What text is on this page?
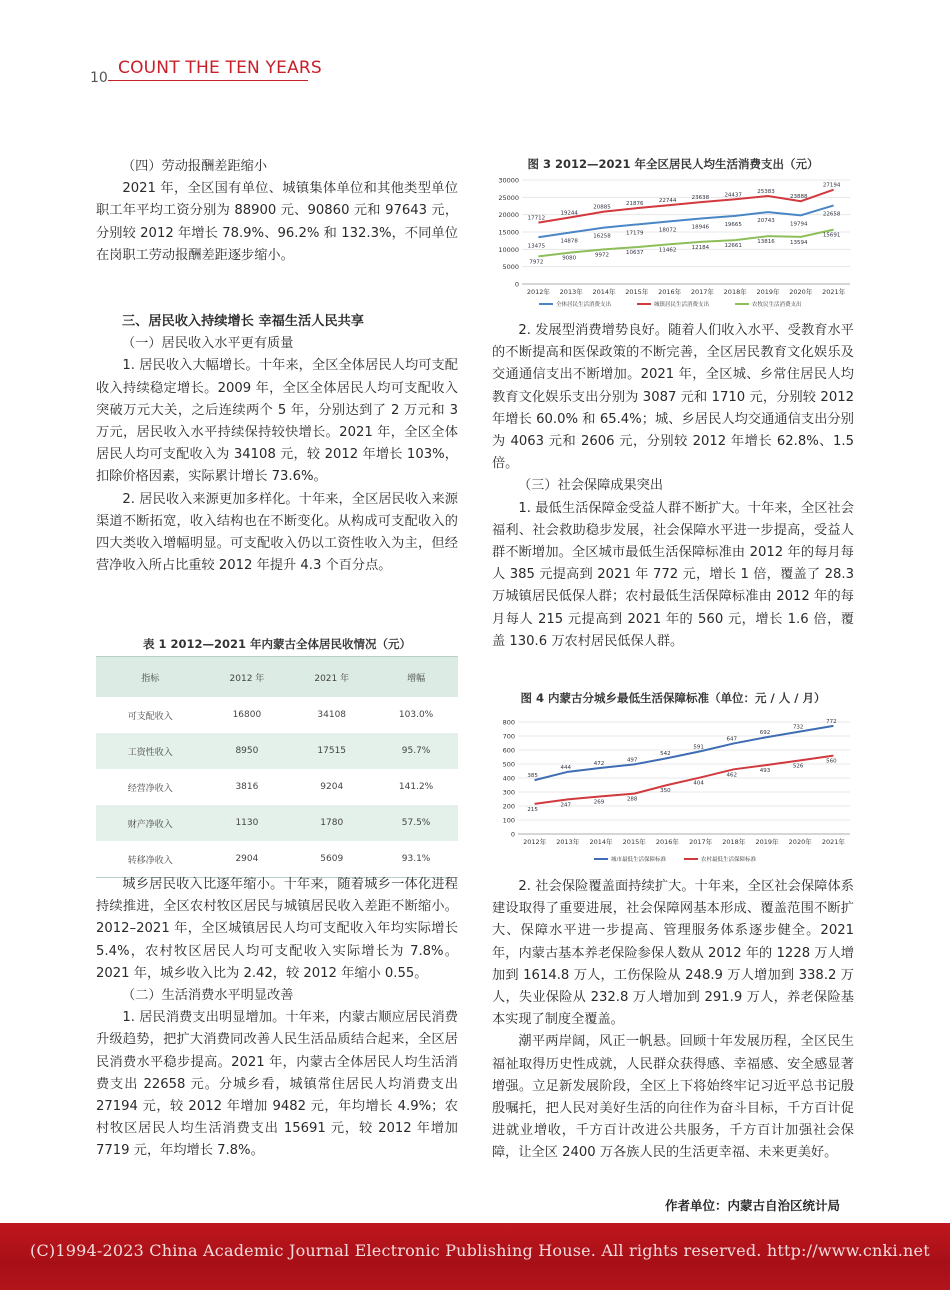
10 COUNT THE TEN YEARS

（四）劳动报酬差距缩小

2021 年，全区国有单位、城镇集体单位和其他类型单位职工年平均工资分别为 88900 元、90860 元和 97643 元，分别较 2012 年增长 78.9%、96.2% 和 132.3%，不同单位在岗职工劳动报酬差距逐步缩小。

三、居民收入持续增长 幸福生活人民共享

（一）居民收入水平更有质量

1. 居民收入大幅增长。十年来，全区全体居民人均可支配收入持续稳定增长。2009 年，全区全体居民人均可支配收入突破万元大关，之后连续两个 5 年，分别达到了 2 万元和 3 万元，居民收入水平持续保持较快增长。2021 年，全区全体居民人均可支配收入为 34108 元，较 2012 年增长 103%，扣除价格因素，实际累计增长 73.6%。

2. 居民收入来源更加多样化。十年来，全区居民收入来源渠道不断拓宽，收入结构也在不断变化。从构成可支配收入的四大类收入增幅明显。可支配收入仍以工资性收入为主，但经营净收入所占比重较 2012 年提升 4.3 个百分点。

表 1 2012—2021 年内蒙古全体居民收情况（元）
指标	2012 年	2021 年	增幅
可支配收入	16800	34108	103.0%
工资性收入	8950	17515	95.7%
经营净收入	3816	9204	141.2%
财产净收入	1130	1780	57.5%
转移净收入	2904	5609	93.1%

城乡居民收入比逐年缩小。十年来，随着城乡一体化进程持续推进，全区农村牧区居民与城镇居民收入差距不断缩小。2012–2021 年，全区城镇居民人均可支配收入年均实际增长 5.4%，农村牧区居民人均可支配收入实际增长为 7.8%。2021 年，城乡收入比为 2.42，较 2012 年缩小 0.55。

（二）生活消费水平明显改善

1. 居民消费支出明显增加。十年来，内蒙古顺应居民消费升级趋势，把扩大消费同改善人民生活品质结合起来，全区居民消费水平稳步提高。2021 年，内蒙古全体居民人均生活消费支出 22658 元。分城乡看，城镇常住居民人均消费支出 27194 元，较 2012 年增加 9482 元，年均增长 4.9%；农村牧区居民人均生活消费支出 15691 元，较 2012 年增加 7719 元，年均增长 7.8%。

图 3 2012—2021 年全区居民人均生活消费支出（元）
0
5000
10000
15000
20000
25000
30000
2012年 2013年 2014年 2015年 2016年 2017年 2018年 2019年 2020年 2021年
13475
14878
16258
17179
18072
18946	19665
20743
19794
22658
17712
19244
20885
21876
22744
23638	24437
25383
23888
27194
7972
9080
9972	10637	11462	12184	12661
13816	13594
15691
全体居民生活消费支出	城镇居民生活消费支出	农牧民生活消费支出

2. 发展型消费增势良好。随着人们收入水平、受教育水平的不断提高和医保政策的不断完善，全区居民教育文化娱乐及交通通信支出不断增加。2021 年，全区城、乡常住居民人均教育文化娱乐支出分别为 3087 元和 1710 元，分别较 2012 年增长 60.0% 和 65.4%；城、乡居民人均交通通信支出分别为 4063 元和 2606 元，分别较 2012 年增长 62.8%、1.5 倍。

（三）社会保障成果突出

1. 最低生活保障金受益人群不断扩大。十年来，全区社会福利、社会救助稳步发展，社会保障水平进一步提高，受益人群不断增加。全区城市最低生活保障标准由 2012 年的每月每人 385 元提高到 2021 年 772 元，增长 1 倍，覆盖了 28.3 万城镇居民低保人群；农村最低生活保障标准由 2012 年的每月每人 215 元提高到 2021 年的 560 元，增长 1.6 倍，覆盖 130.6 万农村居民低保人群。

图 4 内蒙古分城乡最低生活保障标准（单位：元 / 人 / 月）
0
100
200
300
400
500
600
700
800
2012年 2013年 2014年 2015年 2016年 2017年 2018年 2019年 2020年 2021年
385
444
472
497
542
591
647
692
732
772
215
247
269	288
350
404
462
493
526
560
城市最低生活保障标准	农村最低生活保障标准

2. 社会保险覆盖面持续扩大。十年来，全区社会保障体系建设取得了重要进展，社会保障网基本形成、覆盖范围不断扩大、保障水平进一步提高、管理服务体系逐步健全。2021 年，内蒙古基本养老保险参保人数从 2012 年的 1228 万人增加到 1614.8 万人，工伤保险从 248.9 万人增加到 338.2 万人，失业保险从 232.8 万人增加到 291.9 万人，养老保险基本实现了制度全覆盖。

潮平两岸阔，风正一帆悬。回顾十年发展历程，全区民生福祉取得历史性成就，人民群众获得感、幸福感、安全感显著增强。立足新发展阶段，全区上下将始终牢记习近平总书记殷殷嘱托，把人民对美好生活的向往作为奋斗目标，千方百计促进就业增收，千方百计改进公共服务，千方百计加强社会保障，让全区 2400 万各族人民的生活更幸福、未来更美好。

作者单位：内蒙古自治区统计局
(C)1994-2023 China Academic Journal Electronic Publishing House. All rights reserved. http://www.cnki.net
